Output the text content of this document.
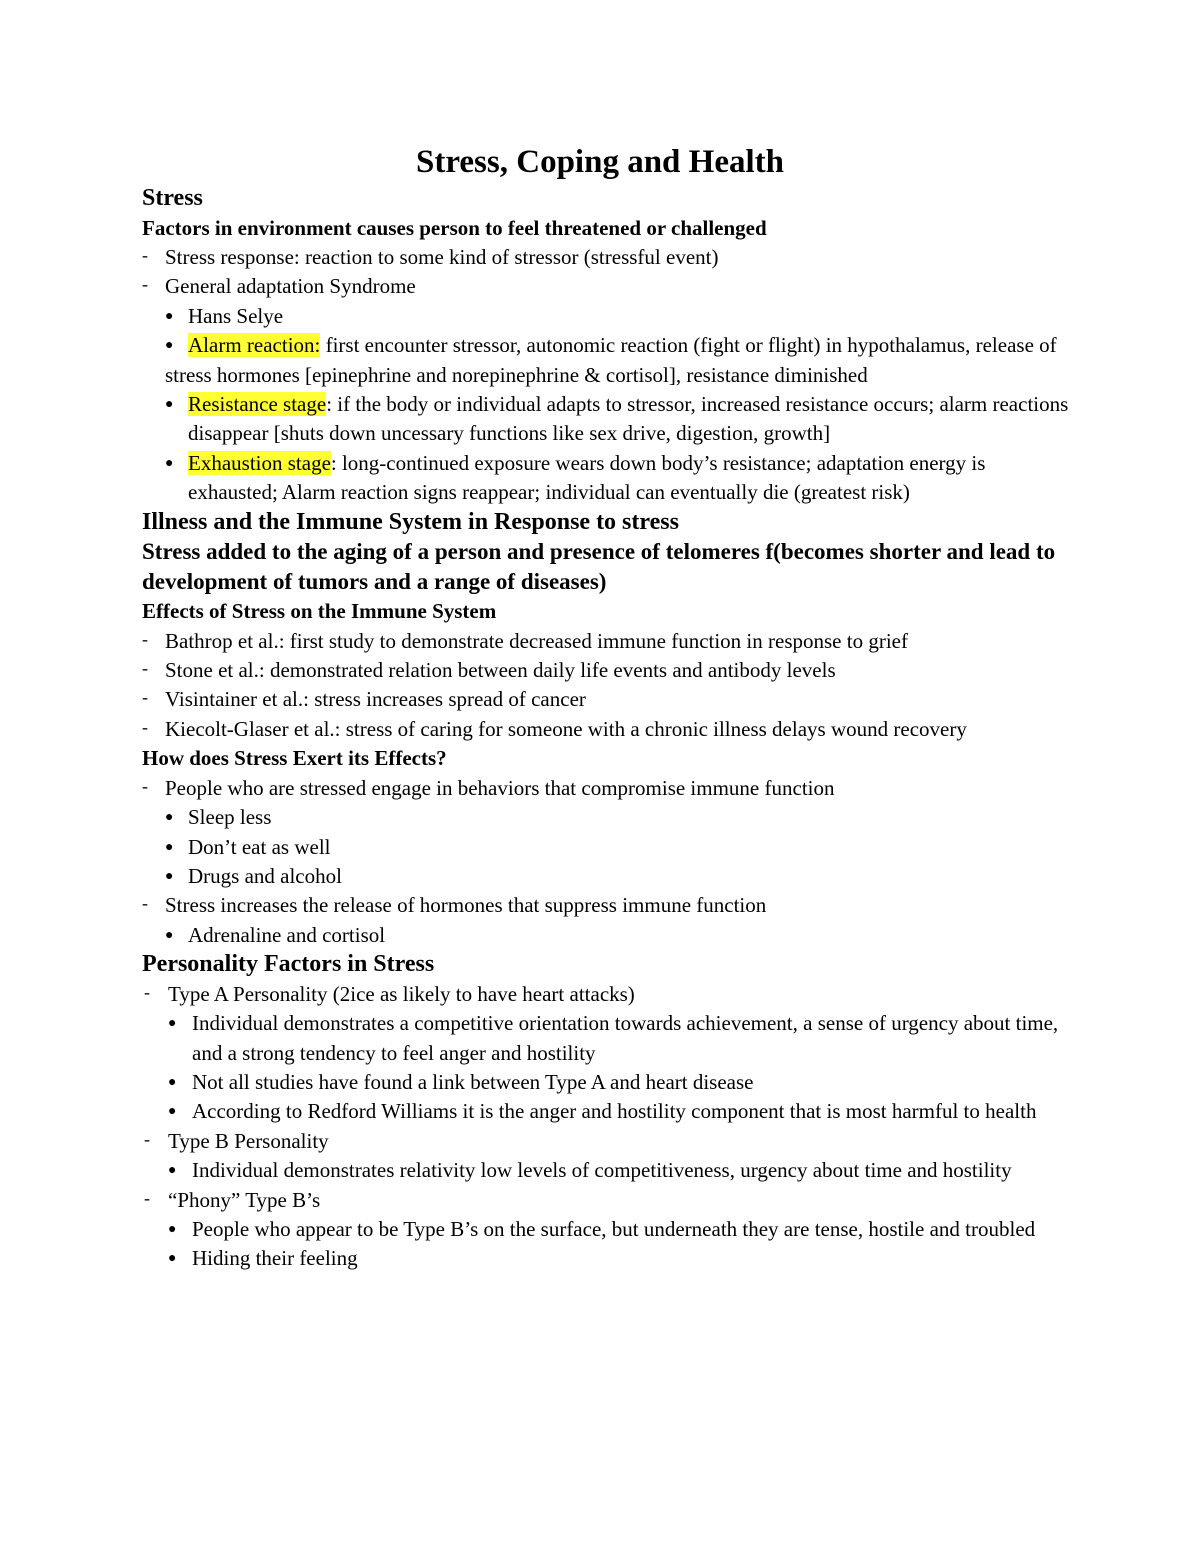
Stress, Coping and Health
Stress
Factors in environment causes person to feel threatened or challenged
- Stress response: reaction to some kind of stressor (stressful event)
- General adaptation Syndrome
● Hans Selye
● Alarm reaction: first encounter stressor, autonomic reaction (fight or flight) in hypothalamus, release of stress hormones [epinephrine and norepinephrine & cortisol], resistance diminished
● Resistance stage: if the body or individual adapts to stressor, increased resistance occurs; alarm reactions disappear [shuts down uncessary functions like sex drive, digestion, growth]
● Exhaustion stage: long-continued exposure wears down body’s resistance; adaptation energy is exhausted; Alarm reaction signs reappear; individual can eventually die (greatest risk)
Illness and the Immune System in Response to stress
Stress added to the aging of a person and presence of telomeres f(becomes shorter and lead to development of tumors and a range of diseases)
Effects of Stress on the Immune System
- Bathrop et al.: first study to demonstrate decreased immune function in response to grief
- Stone et al.: demonstrated relation between daily life events and antibody levels
- Visintainer et al.: stress increases spread of cancer
- Kiecolt-Glaser et al.: stress of caring for someone with a chronic illness delays wound recovery
How does Stress Exert its Effects?
- People who are stressed engage in behaviors that compromise immune function
● Sleep less
● Don’t eat as well
● Drugs and alcohol
- Stress increases the release of hormones that suppress immune function
● Adrenaline and cortisol
Personality Factors in Stress
- Type A Personality (2ice as likely to have heart attacks)
● Individual demonstrates a competitive orientation towards achievement, a sense of urgency about time, and a strong tendency to feel anger and hostility
● Not all studies have found a link between Type A and heart disease
● According to Redford Williams it is the anger and hostility component that is most harmful to health
- Type B Personality
● Individual demonstrates relativity low levels of competitiveness, urgency about time and hostility
- “Phony” Type B’s
● People who appear to be Type B’s on the surface, but underneath they are tense, hostile and troubled
● Hiding their feeling
